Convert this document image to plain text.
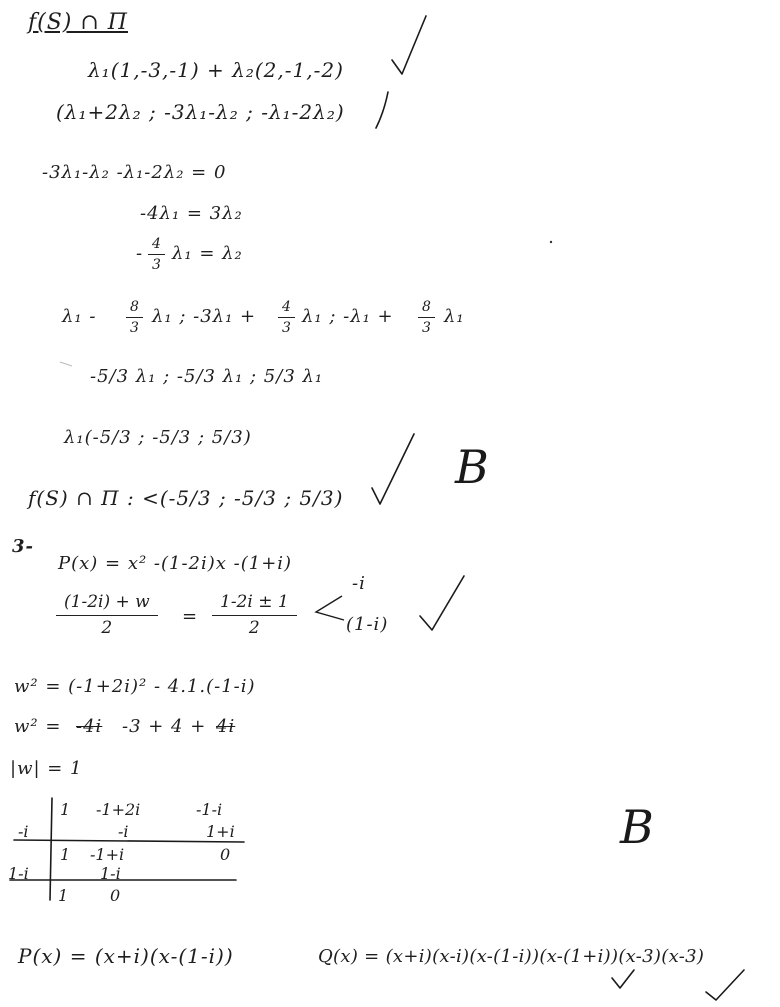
f(S) ∩ Π
λ₁(1,-3,-1) + λ₂(2,-1,-2)
(λ₁+2λ₂ ; -3λ₁-λ₂ ; -λ₁-2λ₂)
-3λ₁-λ₂ -λ₁-2λ₂ = 0
-4λ₁ = 3λ₂
- $\frac{4}{3} \lambda_1 = \lambda_2$
$\lambda_1 - \frac{8}{3} \lambda_1$ ; $-3\lambda_1 + \frac{4}{3} \lambda_1$ ; $-\lambda_1 + \frac{8}{3} \lambda_1$
-5/3 λ₁ ; -5/3 λ₁ ; 5/3 λ₁
λ₁(-5/3 ; -5/3 ; 5/3)
f(S) ∩ Π : <(-5/3 ; -5/3 ; 5/3)
B
3-
P(x) = x² -(1-2i)x -(1+i)
$\frac{(1-2i) + w}{2} = \frac{1-2i \pm 1}{2}$
-i
(1-i)
w² = (-1+2i)² - 4.1.(-1-i)
w² = -4i -3 + 4 + 4i
|w| = 1
1 -1+2i	-1-i
-i	-i	1+i
1 -1+i	0
1-i	1-i
1	0
B
P(x) = (x+i)(x-(1-i))	Q(x) = (x+i)(x-i)(x-(1-i))(x-(1+i))(x-3)(x-3)
